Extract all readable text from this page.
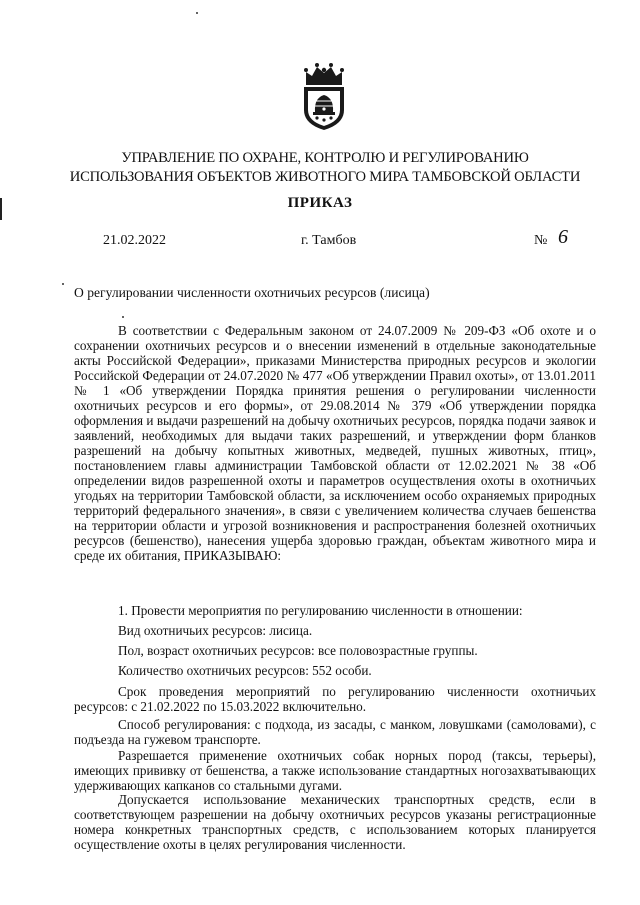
УПРАВЛЕНИЕ ПО ОХРАНЕ, КОНТРОЛЮ И РЕГУЛИРОВАНИЮ
ИСПОЛЬЗОВАНИЯ ОБЪЕКТОВ ЖИВОТНОГО МИРА ТАМБОВСКОЙ ОБЛАСТИ
ПРИКАЗ
21.02.2022	г. Тамбов	№ 6
О регулировании численности охотничьих ресурсов (лисица)

В соответствии с Федеральным законом от 24.07.2009 № 209-ФЗ «Об охоте и о сохранении охотничьих ресурсов и о внесении изменений в отдельные законодательные акты Российской Федерации», приказами Министерства природных ресурсов и экологии Российской Федерации от 24.07.2020 № 477 «Об утверждении Правил охоты», от 13.01.2011 № 1 «Об утверждении Порядка принятия решения о регулировании численности охотничьих ресурсов и его формы», от 29.08.2014 № 379 «Об утверждении порядка оформления и выдачи разрешений на добычу охотничьих ресурсов, порядка подачи заявок и заявлений, необходимых для выдачи таких разрешений, и утверждении форм бланков разрешений на добычу копытных животных, медведей, пушных животных, птиц», постановлением главы администрации Тамбовской области от 12.02.2021 № 38 «Об определении видов разрешенной охоты и параметров осуществления охоты в охотничьих угодьях на территории Тамбовской области, за исключением особо охраняемых природных территорий федерального значения», в связи с увеличением количества случаев бешенства на территории области и угрозой возникновения и распространения болезней охотничьих ресурсов (бешенство), нанесения ущерба здоровью граждан, объектам животного мира и среде их обитания, ПРИКАЗЫВАЮ:

1. Провести мероприятия по регулированию численности в отношении:
Вид охотничьих ресурсов: лисица.
Пол, возраст охотничьих ресурсов: все половозрастные группы.
Количество охотничьих ресурсов: 552 особи.

Срок проведения мероприятий по регулированию численности охотничьих ресурсов: с 21.02.2022 по 15.03.2022 включительно.

Способ регулирования: с подхода, из засады, с манком, ловушками (самоловами), с подъезда на гужевом транспорте.

Разрешается применение охотничьих собак норных пород (таксы, терьеры), имеющих прививку от бешенства, а также использование стандартных ногозахватывающих удерживающих капканов со стальными дугами.

Допускается использование механических транспортных средств, если в соответствующем разрешении на добычу охотничьих ресурсов указаны регистрационные номера конкретных транспортных средств, с использованием которых планируется осуществление охоты в целях регулирования численности.
